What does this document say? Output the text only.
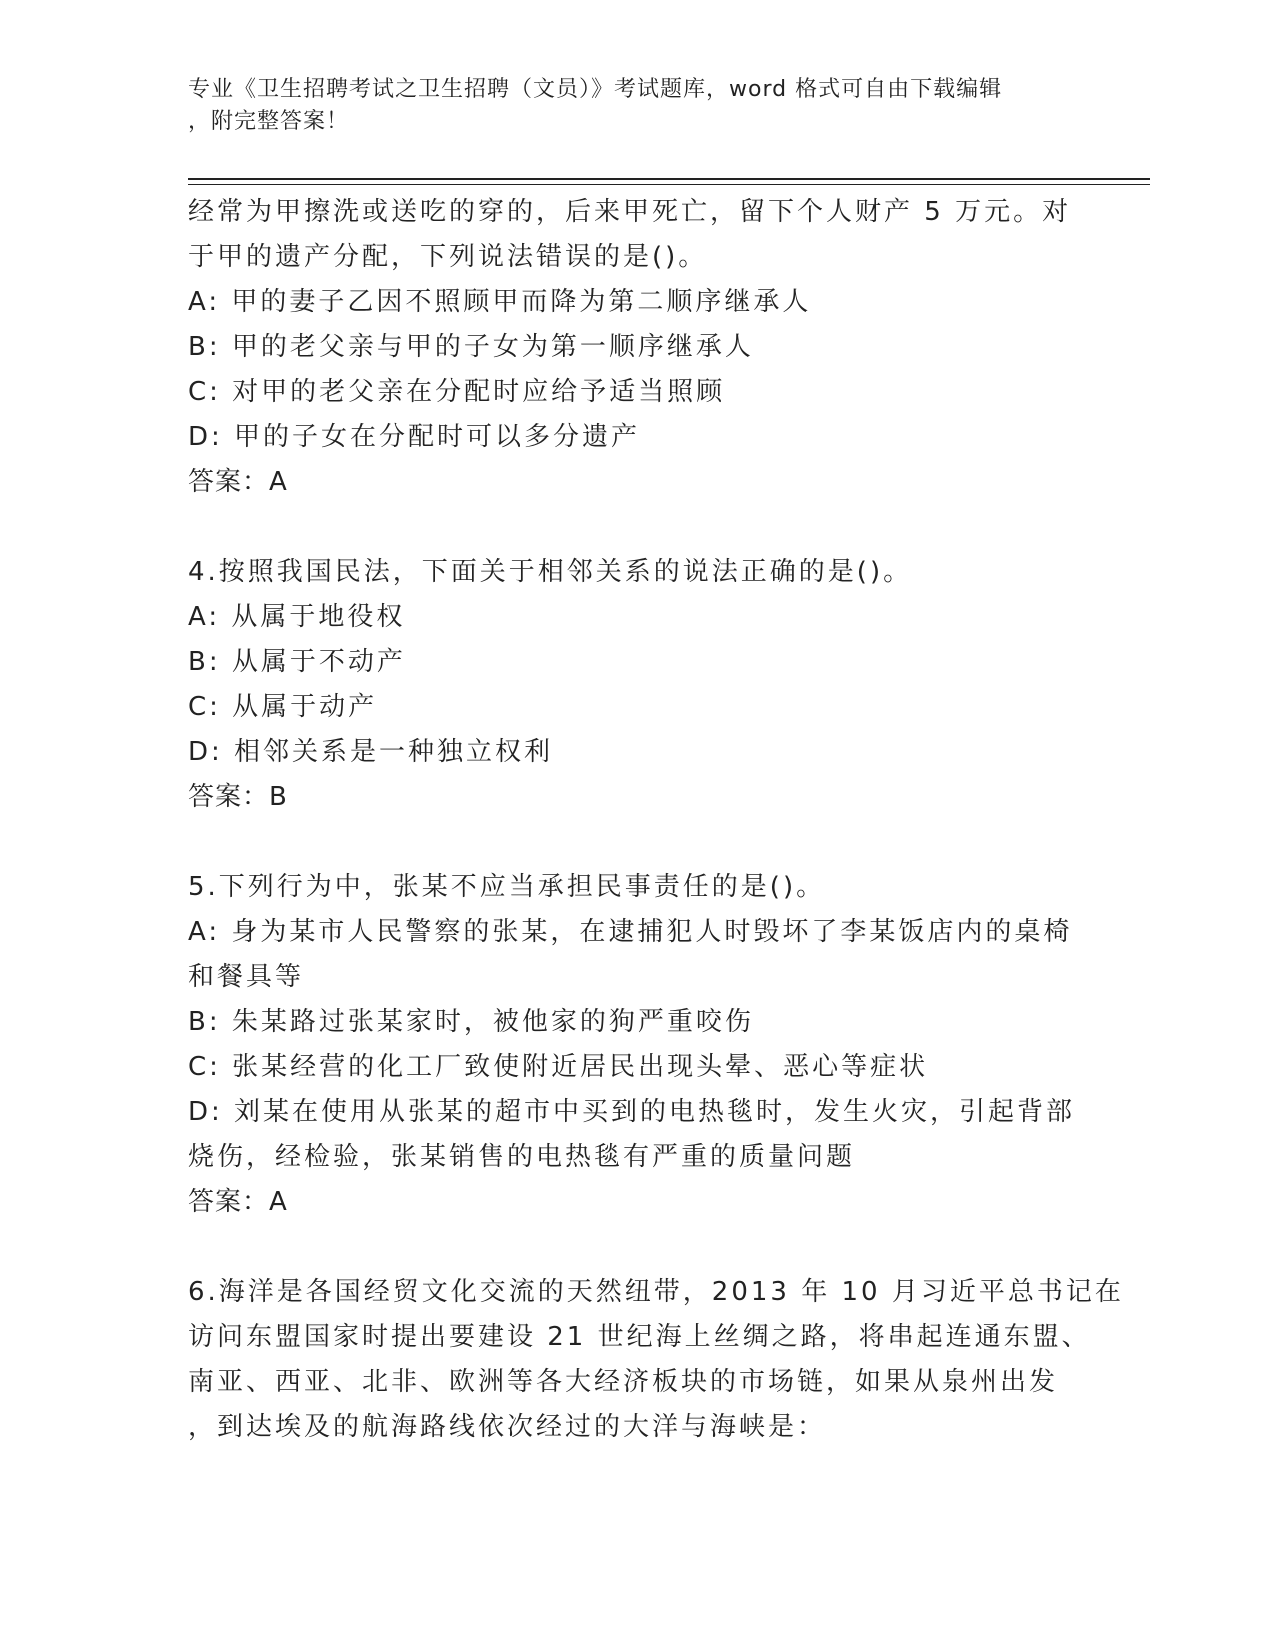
专业《卫生招聘考试之卫生招聘（文员）》考试题库，word 格式可自由下载编辑
，附完整答案！
经常为甲擦洗或送吃的穿的，后来甲死亡，留下个人财产 5 万元。对
于甲的遗产分配，下列说法错误的是()。
A: 甲的妻子乙因不照顾甲而降为第二顺序继承人
B: 甲的老父亲与甲的子女为第一顺序继承人
C: 对甲的老父亲在分配时应给予适当照顾
D: 甲的子女在分配时可以多分遗产
答案：A
4.按照我国民法，下面关于相邻关系的说法正确的是()。
A: 从属于地役权
B: 从属于不动产
C: 从属于动产
D: 相邻关系是一种独立权利
答案：B
5.下列行为中，张某不应当承担民事责任的是()。
A: 身为某市人民警察的张某，在逮捕犯人时毁坏了李某饭店内的桌椅
和餐具等
B: 朱某路过张某家时，被他家的狗严重咬伤
C: 张某经营的化工厂致使附近居民出现头晕、恶心等症状
D: 刘某在使用从张某的超市中买到的电热毯时，发生火灾，引起背部
烧伤，经检验，张某销售的电热毯有严重的质量问题
答案：A
6.海洋是各国经贸文化交流的天然纽带，2013 年 10 月习近平总书记在
访问东盟国家时提出要建设 21 世纪海上丝绸之路，将串起连通东盟、
南亚、西亚、北非、欧洲等各大经济板块的市场链，如果从泉州出发
，到达埃及的航海路线依次经过的大洋与海峡是：
